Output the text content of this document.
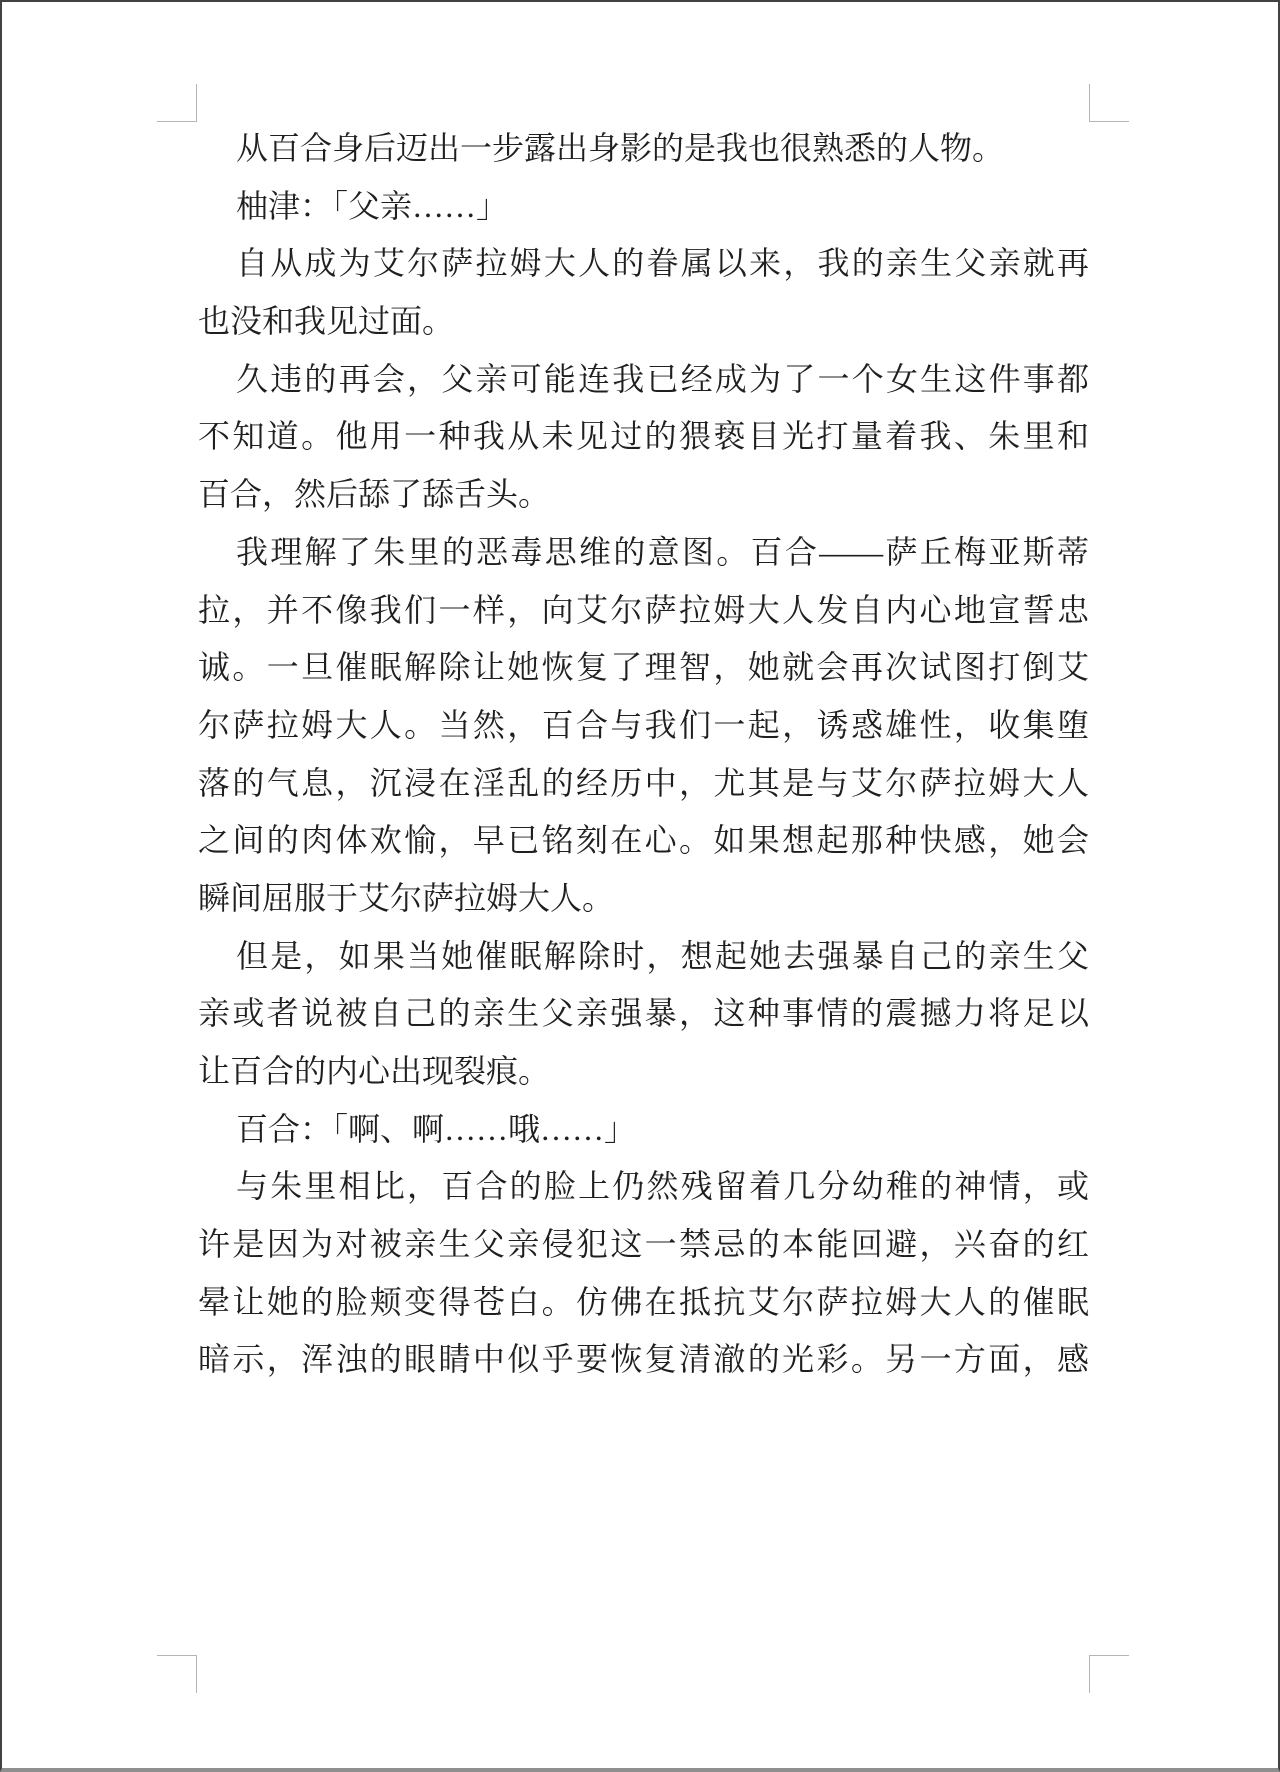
从百合身后迈出一步露出身影的是我也很熟悉的人物。
柚津：「父亲……」
自从成为艾尔萨拉姆大人的眷属以来，我的亲生父亲就再
也没和我见过面。
久违的再会，父亲可能连我已经成为了一个女生这件事都
不知道。他用一种我从未见过的猥亵目光打量着我、朱里和
百合，然后舔了舔舌头。
我理解了朱里的恶毒思维的意图。百合——萨丘梅亚斯蒂
拉，并不像我们一样，向艾尔萨拉姆大人发自内心地宣誓忠
诚。一旦催眠解除让她恢复了理智，她就会再次试图打倒艾
尔萨拉姆大人。当然，百合与我们一起，诱惑雄性，收集堕
落的气息，沉浸在淫乱的经历中，尤其是与艾尔萨拉姆大人
之间的肉体欢愉，早已铭刻在心。如果想起那种快感，她会
瞬间屈服于艾尔萨拉姆大人。
但是，如果当她催眠解除时，想起她去强暴自己的亲生父
亲或者说被自己的亲生父亲强暴，这种事情的震撼力将足以
让百合的内心出现裂痕。
百合：「啊、啊……哦……」
与朱里相比，百合的脸上仍然残留着几分幼稚的神情，或
许是因为对被亲生父亲侵犯这一禁忌的本能回避，兴奋的红
晕让她的脸颊变得苍白。仿佛在抵抗艾尔萨拉姆大人的催眠
暗示，浑浊的眼睛中似乎要恢复清澈的光彩。另一方面，感
